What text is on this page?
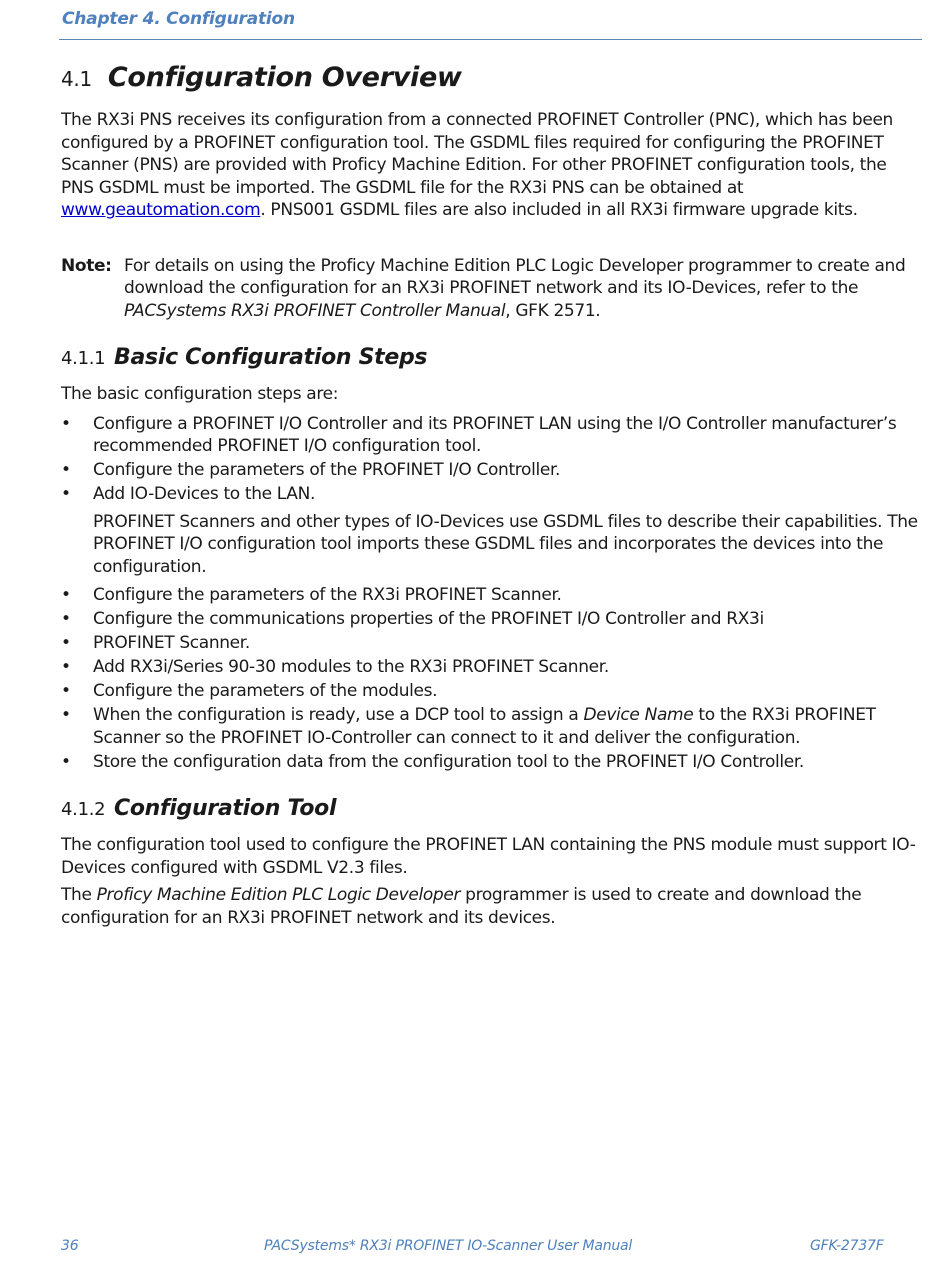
Chapter 4. Configuration
4.1 Configuration Overview

The RX3i PNS receives its configuration from a connected PROFINET Controller (PNC), which has been configured by a PROFINET configuration tool. The GSDML files required for configuring the PROFINET Scanner (PNS) are provided with Proficy Machine Edition. For other PROFINET configuration tools, the PNS GSDML must be imported. The GSDML file for the RX3i PNS can be obtained at www.geautomation.com. PNS001 GSDML files are also included in all RX3i firmware upgrade kits.

Note: For details on using the Proficy Machine Edition PLC Logic Developer programmer to create and download the configuration for an RX3i PROFINET network and its IO-Devices, refer to the PACSystems RX3i PROFINET Controller Manual, GFK 2571.
4.1.1 Basic Configuration Steps

The basic configuration steps are:

•	Configure a PROFINET I/O Controller and its PROFINET LAN using the I/O Controller manufacturer’s recommended PROFINET I/O configuration tool.
•	Configure the parameters of the PROFINET I/O Controller.
•	Add IO-Devices to the LAN.

PROFINET Scanners and other types of IO-Devices use GSDML files to describe their capabilities. The PROFINET I/O configuration tool imports these GSDML files and incorporates the devices into the configuration.

•	Configure the parameters of the RX3i PROFINET Scanner.
•	Configure the communications properties of the PROFINET I/O Controller and RX3i
•	PROFINET Scanner.
•	Add RX3i/Series 90-30 modules to the RX3i PROFINET Scanner.
•	Configure the parameters of the modules.
•	When the configuration is ready, use a DCP tool to assign a Device Name to the RX3i PROFINET Scanner so the PROFINET IO-Controller can connect to it and deliver the configuration.
•	Store the configuration data from the configuration tool to the PROFINET I/O Controller.
4.1.2 Configuration Tool

The configuration tool used to configure the PROFINET LAN containing the PNS module must support IO-Devices configured with GSDML V2.3 files.

The Proficy Machine Edition PLC Logic Developer programmer is used to create and download the configuration for an RX3i PROFINET network and its devices.

36	PACSystems* RX3i PROFINET IO-Scanner User Manual	GFK-2737F
